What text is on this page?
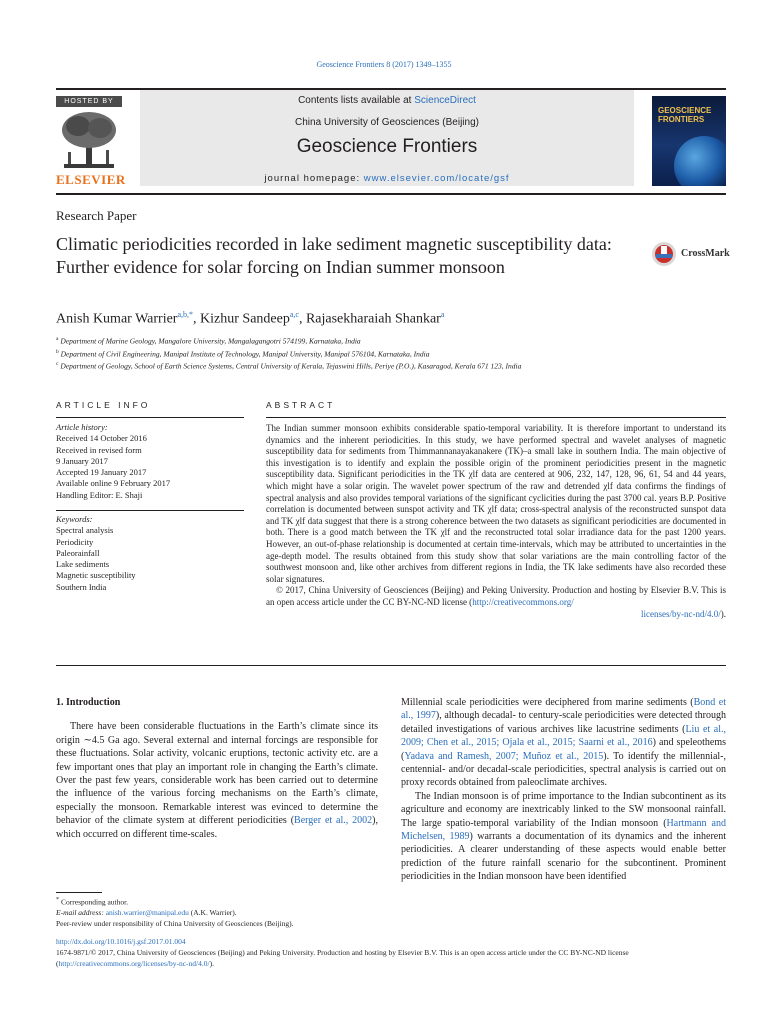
Geoscience Frontiers 8 (2017) 1349–1355
HOSTED BY
ELSEVIER
Contents lists available at ScienceDirect
China University of Geosciences (Beijing)
Geoscience Frontiers
journal homepage: www.elsevier.com/locate/gsf
GEOSCIENCE
FRONTIERS
Research Paper
Climatic periodicities recorded in lake sediment magnetic susceptibility data: Further evidence for solar forcing on Indian summer monsoon
CrossMark
Anish Kumar Warrier$^{a,b,*}$, Kizhur Sandeep$^{a,c}$, Rajasekharaiah Shankar$^a$
$^a$ Department of Marine Geology, Mangalore University, Mangalagangotri 574199, Karnataka, India
$^b$ Department of Civil Engineering, Manipal Institute of Technology, Manipal University, Manipal 576104, Karnataka, India
$^c$ Department of Geology, School of Earth Science Systems, Central University of Kerala, Tejaswini Hills, Periye (P.O.), Kasaragod, Kerala 671 123, India
ARTICLE INFO
Article history:
Received 14 October 2016
Received in revised form
9 January 2017
Accepted 19 January 2017
Available online 9 February 2017
Handling Editor: E. Shaji
Keywords:
Spectral analysis
Periodicity
Paleorainfall
Lake sediments
Magnetic susceptibility
Southern India
ABSTRACT

The Indian summer monsoon exhibits considerable spatio-temporal variability. It is therefore important to understand its dynamics and the inherent periodicities. In this study, we have performed spectral and wavelet analyses of magnetic susceptibility data for sediments from Thimmannanayakanakere (TK)–a small lake in southern India. The main objective of this investigation is to identify and explain the possible origin of the prominent periodicities present in the magnetic susceptibility data. Significant periodicities in the TK χlf data are centered at 906, 232, 147, 128, 96, 61, 54 and 44 years, which might have a solar origin. The wavelet power spectrum of the raw and detrended χlf data confirms the findings of spectral analysis and also provides temporal variations of the significant cyclicities during the past 3700 cal. years B.P. Positive correlation is documented between sunspot activity and TK χlf data; cross-spectral analysis of the reconstructed sunspot data and TK χlf data suggest that there is a strong coherence between the two datasets as significant periodicities are documented in both. There is a good match between the TK χlf and the reconstructed total solar irradiance data for the past 1200 years. However, an out-of-phase relationship is documented at certain time-intervals, which may be attributed to uncertainties in the age-depth model. The results obtained from this study show that solar variations are the main controlling factor of the southwest monsoon and, like other archives from different regions in India, the TK lake sediments have also recorded these solar signatures.

© 2017, China University of Geosciences (Beijing) and Peking University. Production and hosting by Elsevier B.V. This is an open access article under the CC BY-NC-ND license (http://creativecommons.org/

licenses/by-nc-nd/4.0/).

1. Introduction

There have been considerable fluctuations in the Earth’s climate since its origin ∼4.5 Ga ago. Several external and internal forcings are responsible for these fluctuations. Solar activity, volcanic eruptions, tectonic activity etc. are a few important ones that play an important role in changing the Earth’s climate. Over the past few years, considerable work has been carried out to determine the influence of the various forcing mechanisms on the Earth’s climate, especially the monsoon. Remarkable interest was evinced to determine the behavior of the climate system at different periodicities (Berger et al., 2002), which occurred on different time-scales.

Millennial scale periodicities were deciphered from marine sediments (Bond et al., 1997), although decadal- to century-scale periodicities were detected through detailed investigations of various archives like lacustrine sediments (Liu et al., 2009; Chen et al., 2015; Ojala et al., 2015; Saarni et al., 2016) and speleothems (Yadava and Ramesh, 2007; Muñoz et al., 2015). To identify the millennial-, centennial- and/or decadal-scale periodicities, spectral analysis is carried out on proxy records obtained from paleoclimate archives.

The Indian monsoon is of prime importance to the Indian subcontinent as its agriculture and economy are inextricably linked to the SW monsoonal rainfall. The large spatio-temporal variability of the Indian monsoon (Hartmann and Michelsen, 1989) warrants a documentation of its dynamics and the inherent periodicities. A clearer understanding of these aspects would enable better prediction of the future rainfall scenario for the subcontinent. Prominent periodicities in the Indian monsoon have been identified

* Corresponding author.
E-mail address: anish.warrier@manipal.edu (A.K. Warrier).
Peer-review under responsibility of China University of Geosciences (Beijing).
http://dx.doi.org/10.1016/j.gsf.2017.01.004
1674-9871/© 2017, China University of Geosciences (Beijing) and Peking University. Production and hosting by Elsevier B.V. This is an open access article under the CC BY-NC-ND license (http://creativecommons.org/licenses/by-nc-nd/4.0/).
